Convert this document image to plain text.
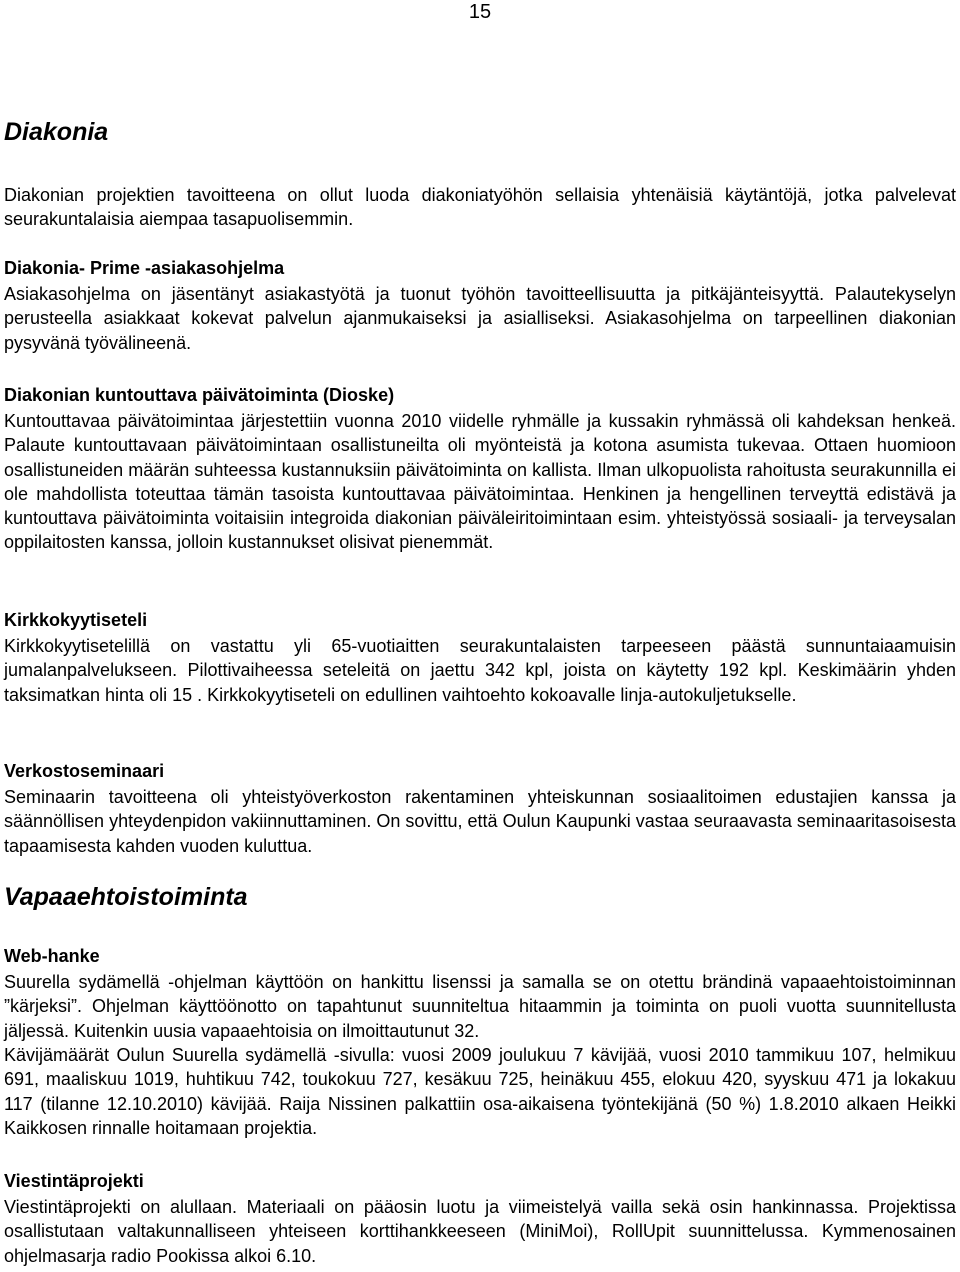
15
Diakonia
Diakonian projektien tavoitteena on ollut luoda diakoniatyöhön sellaisia yhtenäisiä käytäntöjä, jotka palvelevat seurakuntalaisia aiempaa tasapuolisemmin.
Diakonia- Prime -asiakasohjelma
Asiakasohjelma on jäsentänyt asiakastyötä ja tuonut työhön tavoitteellisuutta ja pitkäjänteisyyttä. Palautekyselyn perusteella asiakkaat kokevat palvelun ajanmukaiseksi ja asialliseksi. Asiakasohjelma on tarpeellinen diakonian pysyvänä työvälineenä.
Diakonian kuntouttava päivätoiminta (Dioske)
Kuntouttavaa päivätoimintaa järjestettiin vuonna 2010 viidelle ryhmälle ja kussakin ryhmässä oli kahdeksan henkeä. Palaute kuntouttavaan päivätoimintaan osallistuneilta oli myönteistä ja kotona asumista tukevaa. Ottaen huomioon osallistuneiden määrän suhteessa kustannuksiin päivätoiminta on kallista. Ilman ulkopuolista rahoitusta seurakunnilla ei ole mahdollista toteuttaa tämän tasoista kuntouttavaa päivätoimintaa. Henkinen ja hengellinen terveyttä edistävä ja kuntouttava päivätoiminta voitaisiin integroida diakonian päiväleiritoimintaan esim. yhteistyössä sosiaali- ja terveysalan oppilaitosten kanssa, jolloin kustannukset olisivat pienemmät.
Kirkkokyytiseteli
Kirkkokyytisetelillä on vastattu yli 65-vuotiaitten seurakuntalaisten tarpeeseen päästä sunnuntaiaamuisin jumalanpalvelukseen. Pilottivaiheessa seteleitä on jaettu 342 kpl, joista on käytetty 192 kpl. Keskimäärin yhden taksimatkan hinta oli 15 . Kirkkokyytiseteli on edullinen vaihtoehto kokoavalle linja-autokuljetukselle.
Verkostoseminaari
Seminaarin tavoitteena oli yhteistyöverkoston rakentaminen yhteiskunnan sosiaalitoimen edustajien kanssa ja säännöllisen yhteydenpidon vakiinnuttaminen. On sovittu, että Oulun Kaupunki vastaa seuraavasta seminaaritasoisesta tapaamisesta kahden vuoden kuluttua.
Vapaaehtoistoiminta
Web-hanke
Suurella sydämellä -ohjelman käyttöön on hankittu lisenssi ja samalla se on otettu brändinä vapaaehtoistoiminnan ”kärjeksi”. Ohjelman käyttöönotto on tapahtunut suunniteltua hitaammin ja toiminta on puoli vuotta suunnitellusta jäljessä. Kuitenkin uusia vapaaehtoisia on ilmoittautunut 32.
Kävijämäärät Oulun Suurella sydämellä -sivulla: vuosi 2009 joulukuu 7 kävijää, vuosi 2010 tammikuu 107, helmikuu 691, maaliskuu 1019, huhtikuu 742, toukokuu 727, kesäkuu 725, heinäkuu 455, elokuu 420, syyskuu 471 ja lokakuu 117 (tilanne 12.10.2010) kävijää. Raija Nissinen palkattiin osa-aikaisena työntekijänä (50 %) 1.8.2010 alkaen Heikki Kaikkosen rinnalle hoitamaan projektia.
Viestintäprojekti
Viestintäprojekti on alullaan. Materiaali on pääosin luotu ja viimeistelyä vailla sekä osin hankinnassa. Projektissa osallistutaan valtakunnalliseen yhteiseen korttihankkeeseen (MiniMoi), RollUpit suunnittelussa. Kymmenosainen ohjelmasarja radio Pookissa alkoi 6.10.
